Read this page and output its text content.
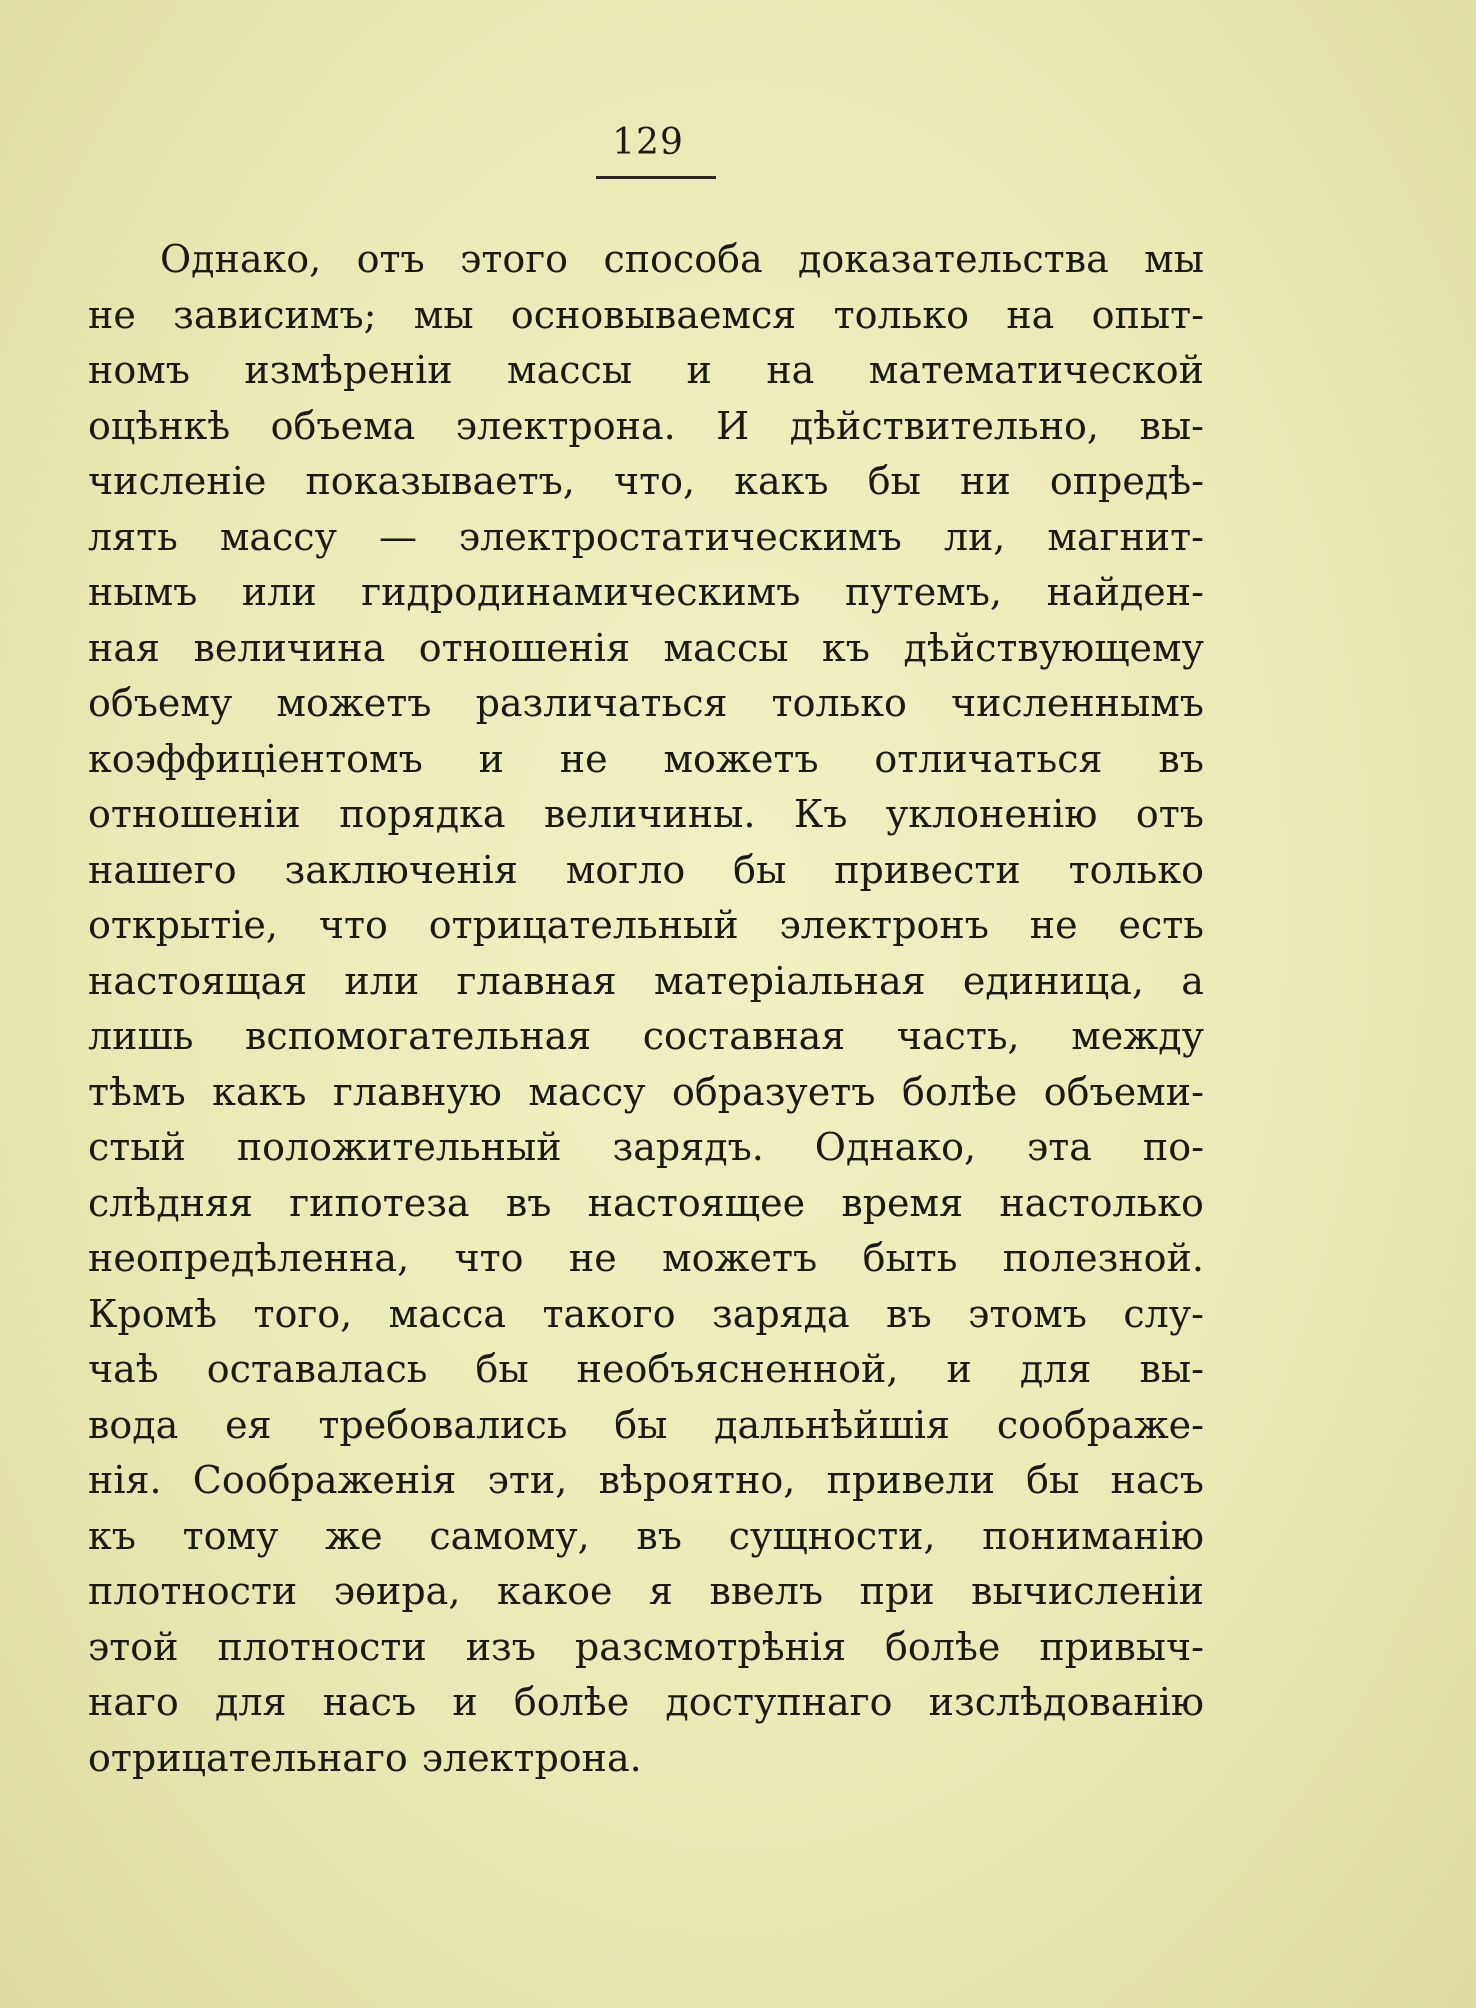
129
Однако, отъ этого способа доказательства мы
не зависимъ; мы основываемся только на опыт-
номъ измѣреніи массы и на математической
оцѣнкѣ объема электрона. И дѣйствительно, вы-
численіе показываетъ, что, какъ бы ни опредѣ-
лять массу — электростатическимъ ли, магнит-
нымъ или гидродинамическимъ путемъ, найден-
ная величина отношенія массы къ дѣйствующему
объему можетъ различаться только численнымъ
коэффиціентомъ и не можетъ отличаться въ
отношеніи порядка величины. Къ уклоненію отъ
нашего заключенія могло бы привести только
открытіе, что отрицательный электронъ не есть
настоящая или главная матеріальная единица, а
лишь вспомогательная составная часть, между
тѣмъ какъ главную массу образуетъ болѣе объеми-
стый положительный зарядъ. Однако, эта по-
слѣдняя гипотеза въ настоящее время настолько
неопредѣленна, что не можетъ быть полезной.
Кромѣ того, масса такого заряда въ этомъ слу-
чаѣ оставалась бы необъясненной, и для вы-
вода ея требовались бы дальнѣйшія соображе-
нія. Соображенія эти, вѣроятно, привели бы насъ
къ тому же самому, въ сущности, пониманію
плотности эѳира, какое я ввелъ при вычисленіи
этой плотности изъ разсмотрѣнія болѣе привыч-
наго для насъ и болѣе доступнаго изслѣдованію
отрицательнаго электрона.
